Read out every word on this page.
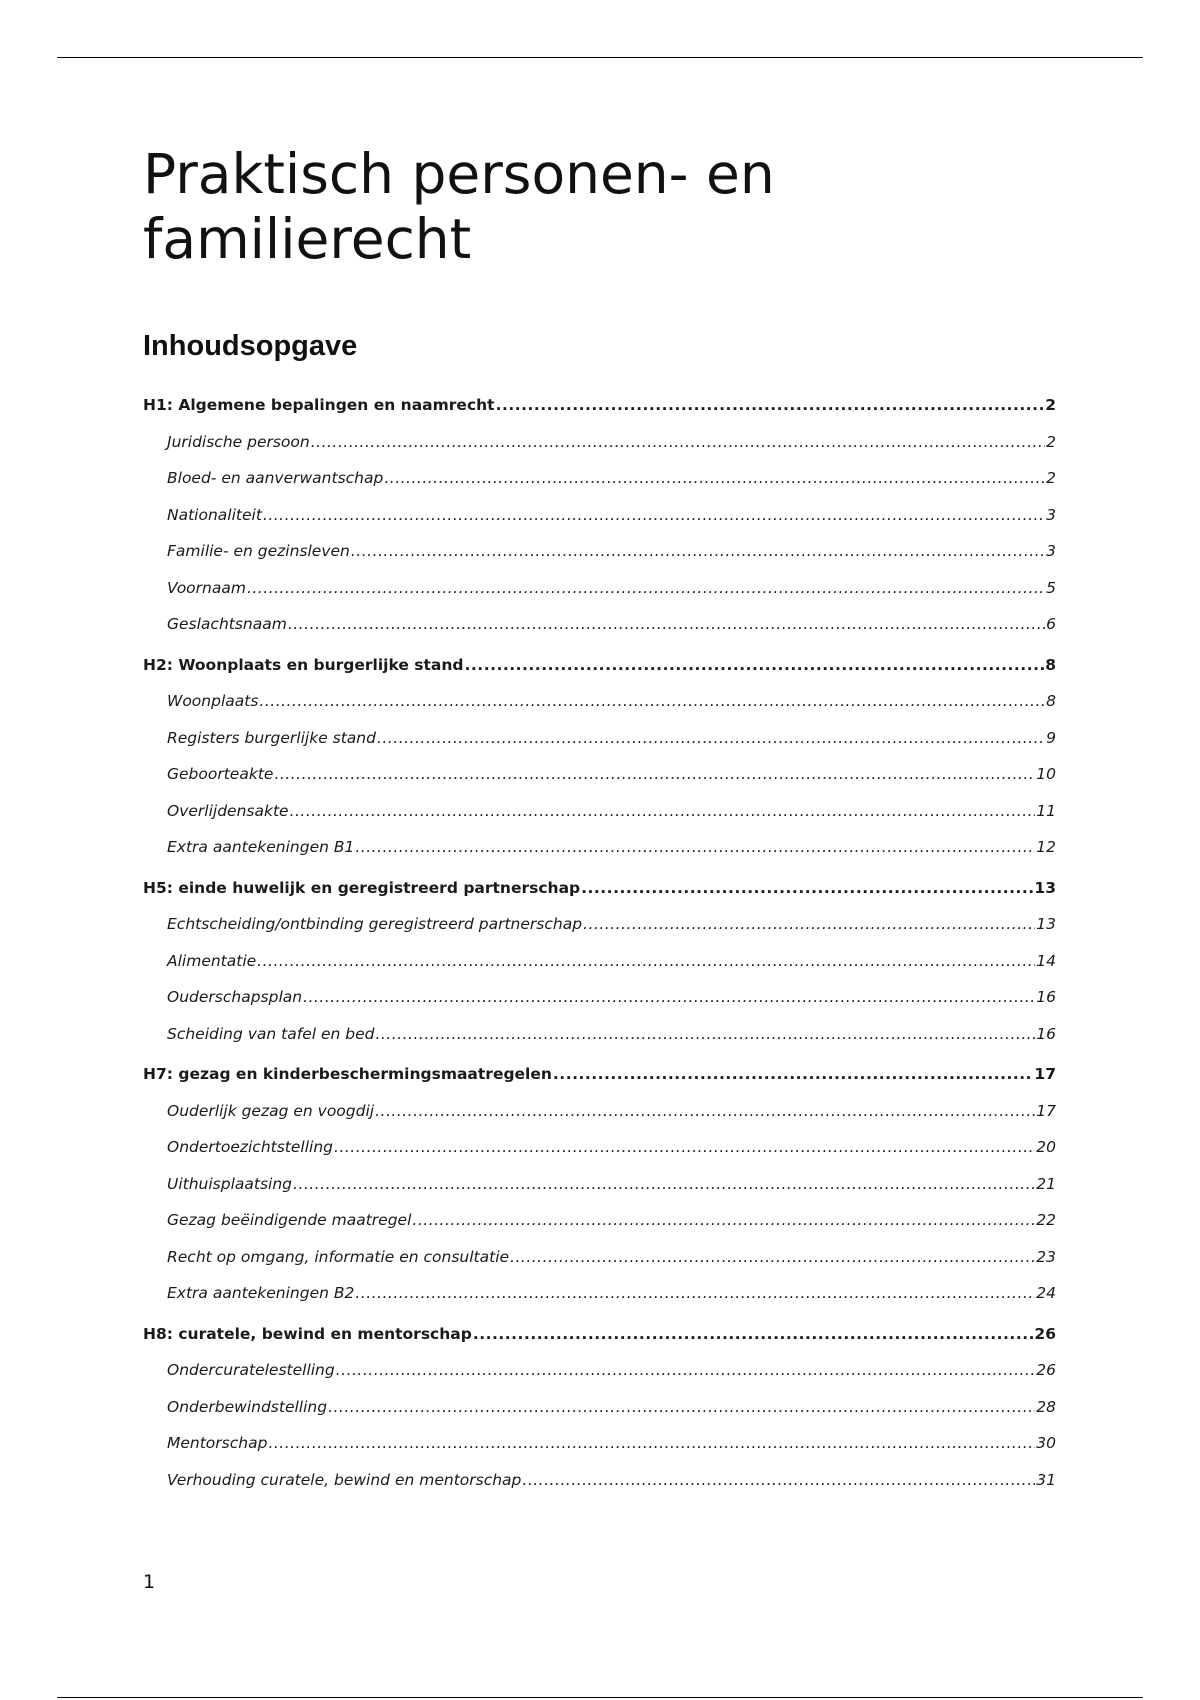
Praktisch personen- en familierecht
Inhoudsopgave
H1: Algemene bepalingen en naamrecht .....	2
Juridische persoon .....	2
Bloed- en aanverwantschap .....	2
Nationaliteit .....	3
Familie- en gezinsleven .....	3
Voornaam .....	5
Geslachtsnaam .....	6
H2: Woonplaats en burgerlijke stand .....	8
Woonplaats .....	8
Registers burgerlijke stand .....	9
Geboorteakte .....	10
Overlijdensakte .....	11
Extra aantekeningen B1 .....	12
H5: einde huwelijk en geregistreerd partnerschap .....	13
Echtscheiding/ontbinding geregistreerd partnerschap .....	13
Alimentatie .....	14
Ouderschapsplan .....	16
Scheiding van tafel en bed .....	16
H7: gezag en kinderbeschermingsmaatregelen .....	17
Ouderlijk gezag en voogdij .....	17
Ondertoezichtstelling .....	20
Uithuisplaatsing .....	21
Gezag beëindigende maatregel .....	22
Recht op omgang, informatie en consultatie .....	23
Extra aantekeningen B2 .....	24
H8: curatele, bewind en mentorschap .....	26
Ondercuratelestelling .....	26
Onderbewindstelling .....	28
Mentorschap .....	30
Verhouding curatele, bewind en mentorschap .....	31
1
